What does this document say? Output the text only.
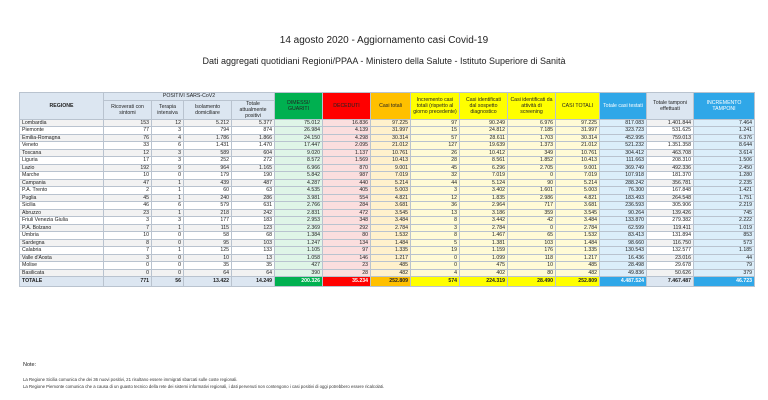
14 agosto 2020 - Aggiornamento casi Covid-19
Dati aggregati quotidiani Regioni/PPAA - Ministero della Salute - Istituto Superiore di Sanità
REGIONE	POSITIVI SARS-CoV2				DIMESSI/ GUARITI	DECEDUTI	Casi totali	Incremento casi totali (rispetto al giorno precedente)	Casi identificati dal sospetto diagnostico	Casi identificati da attività di screening	CASI TOTALI	Totale casi testati	Totale tamponi effettuati	INCREMENTO TAMPONI
	Ricoverati con sintomi	Terapia intensiva	Isolamento domiciliare	Totale attualmente positivi										
Lombardia	153	12	5.212	5.377	75.012	16.836	97.225	97	90.249	6.976	97.225	817.083	1.401.844	7.464
Piemonte	77	3	794	874	26.984	4.139	31.997	15	24.812	7.185	31.997	323.723	531.625	1.241
Emilia-Romagna	76	4	1.786	1.866	24.150	4.298	30.314	57	28.611	1.703	30.314	452.995	759.013	6.376
Veneto	33	6	1.431	1.470	17.447	2.095	21.012	127	19.639	1.373	21.012	521.232	1.351.358	8.644
Toscana	12	3	589	604	9.020	1.137	10.761	26	10.412	349	10.761	304.412	463.708	3.614
Liguria	17	3	252	272	8.572	1.569	10.413	28	8.561	1.852	10.413	111.663	208.310	1.506
Lazio	192	9	964	1.165	6.966	870	9.001	45	6.296	2.705	9.001	369.749	492.336	2.450
Marche	10	0	179	190	5.842	987	7.019	32	7.019	0	7.019	107.918	181.370	1.280
Campania	47	1	439	487	4.287	440	5.214	44	5.124	90	5.214	288.242	356.781	2.235
P.A. Trento	2	1	60	63	4.535	405	5.003	3	3.402	1.601	5.003	76.300	167.848	1.421
Puglia	45	1	240	286	3.981	554	4.821	12	1.835	2.986	4.821	183.493	264.548	1.751
Sicilia	46	6	579	631	2.766	284	3.681	36	2.964	717	3.681	236.593	305.906	2.219
Abruzzo	23	1	218	242	2.831	472	3.545	13	3.186	359	3.545	90.264	139.426	745
Friuli Venezia Giulia	3	3	177	183	2.953	348	3.484	8	3.442	42	3.484	133.870	279.382	2.222
P.A. Bolzano	7	1	115	123	2.369	292	2.784	3	2.784	0	2.784	62.599	119.411	1.019
Umbria	10	0	58	68	1.384	80	1.532	8	1.467	65	1.532	83.413	131.894	853
Sardegna	8	0	95	103	1.247	134	1.484	5	1.381	103	1.484	98.660	116.750	573
Calabria	7	1	125	133	1.105	97	1.335	19	1.159	176	1.335	130.543	132.577	1.185
Valle d'Aosta	3	0	10	13	1.058	146	1.217	0	1.099	118	1.217	16.436	23.016	44
Molise	0	0	35	35	427	23	485	0	475	10	485	28.498	29.678	79
Basilicata	0	0	64	64	390	28	482	4	402	80	482	49.836	50.626	379
TOTALE	771	56	13.422	14.249	200.326	35.234	252.809	574	224.319	28.490	252.809	4.487.524	7.467.487	46.723
Note:
La Regione Sicilia comunica che dei 36 nuovi positivi, 21 risultano essere immigrati sbarcati sulle coste regionali.
La Regione Piemonte comunica che a causa di un guasto tecnico della rete dei sistemi informativi regionali, i dati pervenuti non contengono i casi positivi di oggi potrebbero essere ricalcolati.
